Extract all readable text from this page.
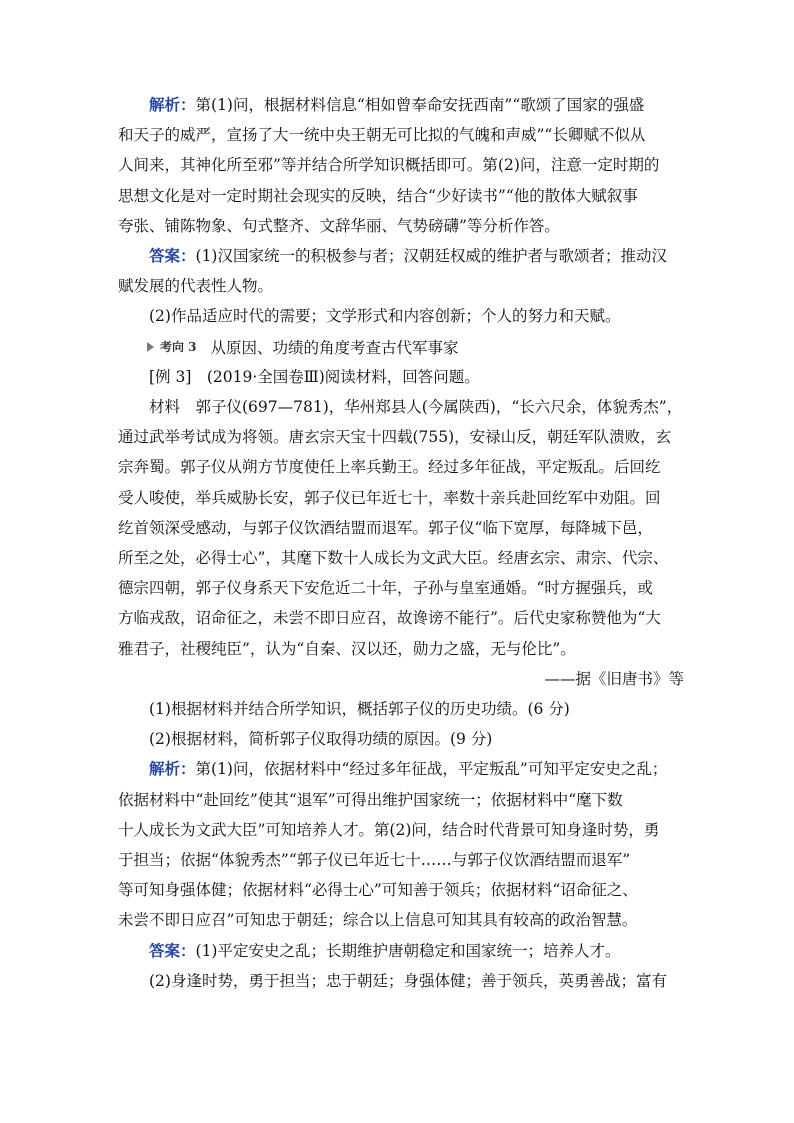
解析：第(1)问，根据材料信息“相如曾奉命安抚西南”“歌颂了国家的强盛
和天子的威严，宣扬了大一统中央王朝无可比拟的气魄和声威”“长卿赋不似从
人间来，其神化所至邪”等并结合所学知识概括即可。第(2)问，注意一定时期的
思想文化是对一定时期社会现实的反映，结合“少好读书”“他的散体大赋叙事
夸张、铺陈物象、句式整齐、文辞华丽、气势磅礴”等分析作答。
答案：(1)汉国家统一的积极参与者；汉朝廷权威的维护者与歌颂者；推动汉
赋发展的代表性人物。
(2)作品适应时代的需要；文学形式和内容创新；个人的努力和天赋。
考向 3 从原因、功绩的角度考查古代军事家
[例 3]　(2019·全国卷Ⅲ)阅读材料，回答问题。
材料　郭子仪(697—781)，华州郑县人(今属陕西)，“长六尺余，体貌秀杰”，
通过武举考试成为将领。唐玄宗天宝十四载(755)，安禄山反，朝廷军队溃败，玄
宗奔蜀。郭子仪从朔方节度使任上率兵勤王。经过多年征战，平定叛乱。后回纥
受人唆使，举兵威胁长安，郭子仪已年近七十，率数十亲兵赴回纥军中劝阻。回
纥首领深受感动，与郭子仪饮酒结盟而退军。郭子仪“临下宽厚，每降城下邑，
所至之处，必得士心”，其麾下数十人成长为文武大臣。经唐玄宗、肃宗、代宗、
德宗四朝，郭子仪身系天下安危近二十年，子孙与皇室通婚。“时方握强兵，或
方临戎敌，诏命征之，未尝不即日应召，故谗谤不能行”。后代史家称赞他为“大
雅君子，社稷纯臣”，认为“自秦、汉以还，勋力之盛，无与伦比”。
——据《旧唐书》等
(1)根据材料并结合所学知识，概括郭子仪的历史功绩。(6 分)
(2)根据材料，简析郭子仪取得功绩的原因。(9 分)
解析：第(1)问，依据材料中“经过多年征战，平定叛乱”可知平定安史之乱；
依据材料中“赴回纥”使其“退军”可得出维护国家统一；依据材料中“麾下数
十人成长为文武大臣”可知培养人才。第(2)问，结合时代背景可知身逢时势，勇
于担当；依据“体貌秀杰”“郭子仪已年近七十……与郭子仪饮酒结盟而退军”
等可知身强体健；依据材料“必得士心”可知善于领兵；依据材料“诏命征之、
未尝不即日应召”可知忠于朝廷；综合以上信息可知其具有较高的政治智慧。
答案：(1)平定安史之乱；长期维护唐朝稳定和国家统一；培养人才。
(2)身逢时势，勇于担当；忠于朝廷；身强体健；善于领兵，英勇善战；富有
